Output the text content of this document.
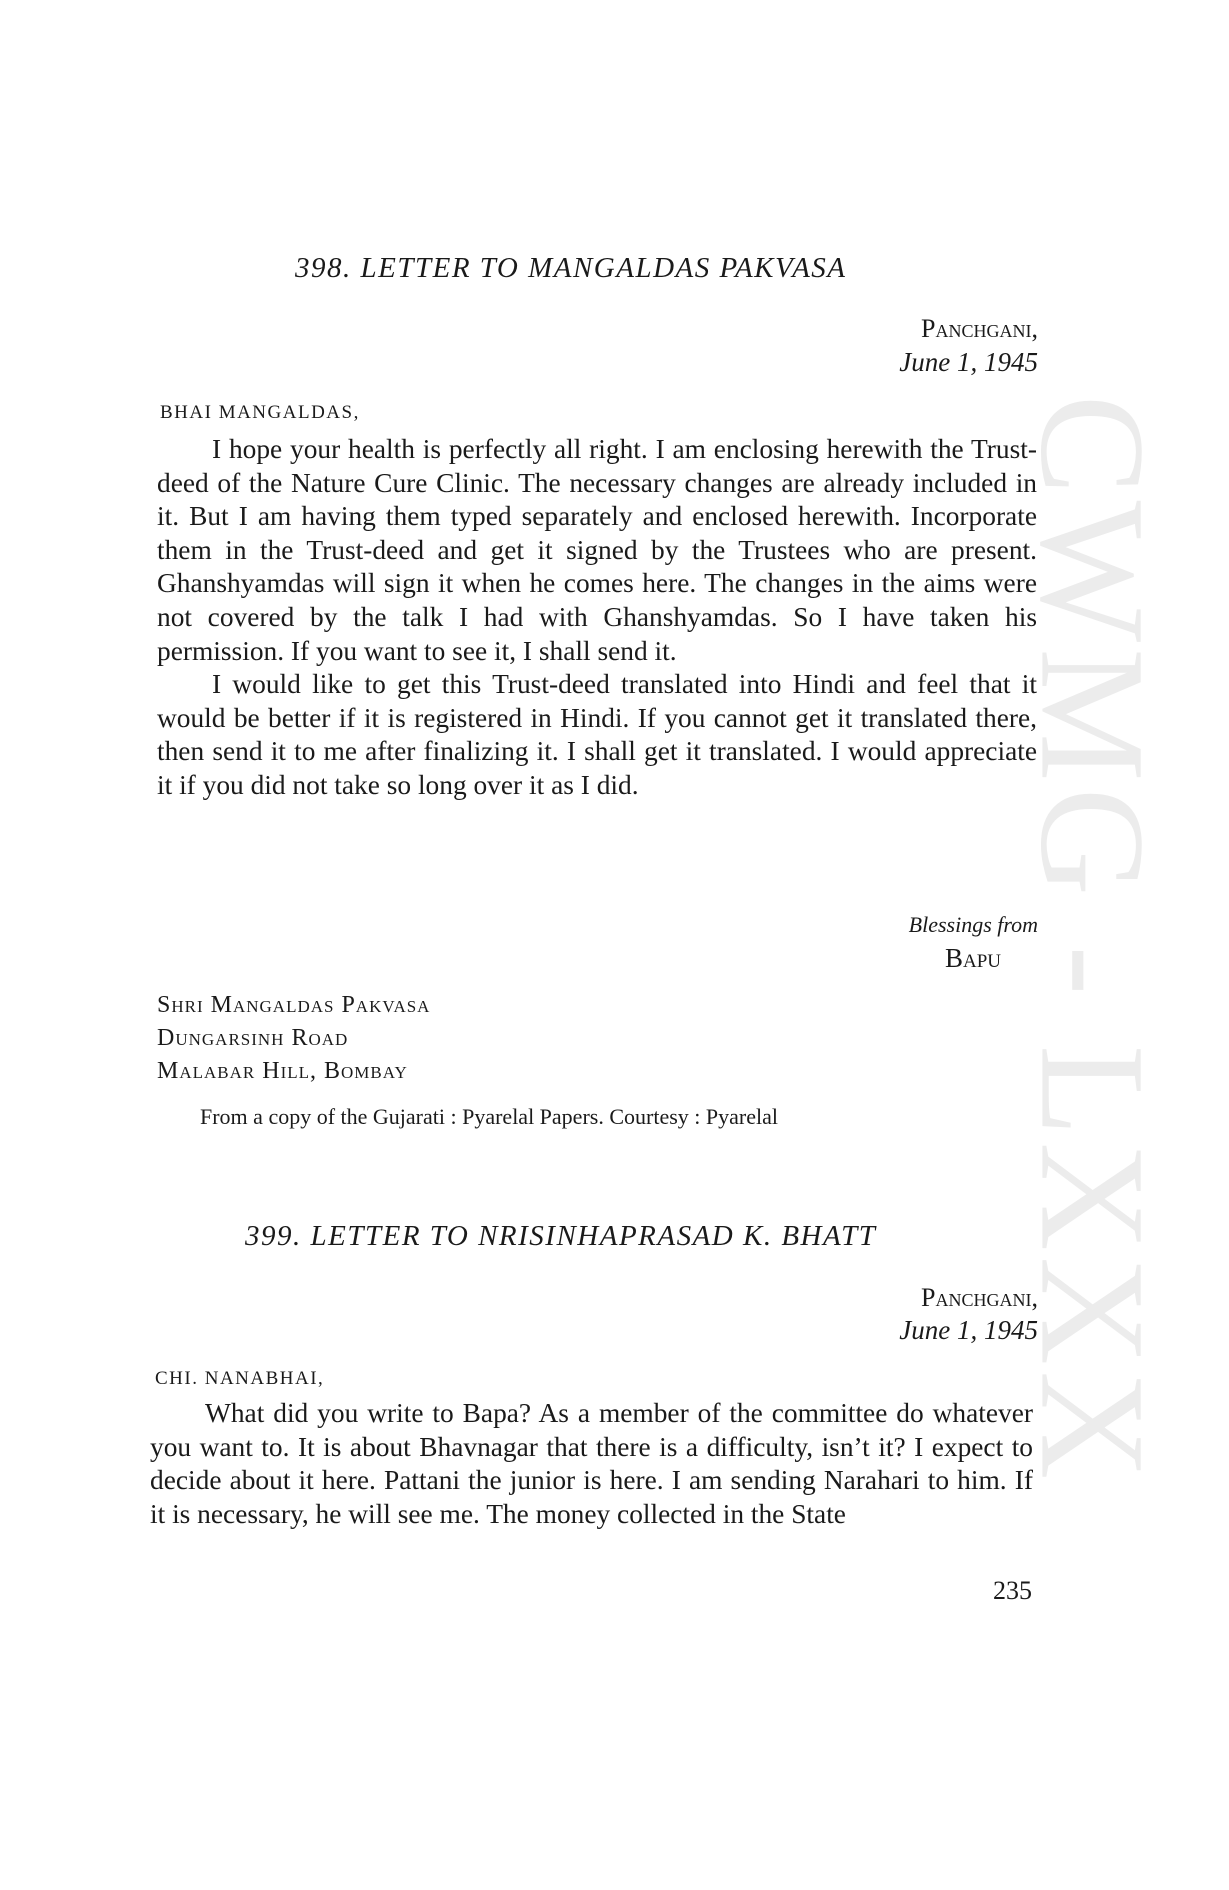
CWMG - LXXX
398. LETTER TO MANGALDAS PAKVASA
Panchgani,
June 1, 1945
BHAI MANGALDAS,

I hope your health is perfectly all right. I am enclosing herewith the Trust-deed of the Nature Cure Clinic. The necessary changes are already included in it. But I am having them typed separately and enclosed herewith. Incorporate them in the Trust-deed and get it signed by the Trustees who are present. Ghanshyamdas will sign it when he comes here. The changes in the aims were not covered by the talk I had with Ghanshyamdas. So I have taken his permission. If you want to see it, I shall send it.

I would like to get this Trust-deed translated into Hindi and feel that it would be better if it is registered in Hindi. If you cannot get it translated there, then send it to me after finalizing it. I shall get it translated. I would appreciate it if you did not take so long over it as I did.

Blessings from
Bapu
Shri Mangaldas Pakvasa
Dungarsinh Road
Malabar Hill, Bombay
From a copy of the Gujarati : Pyarelal Papers. Courtesy : Pyarelal
399. LETTER TO NRISINHAPRASAD K. BHATT
Panchgani,
June 1, 1945
CHI. NANABHAI,

What did you write to Bapa? As a member of the committee do whatever you want to. It is about Bhavnagar that there is a difficulty, isn’t it? I expect to decide about it here. Pattani the junior is here. I am sending Narahari to him. If it is necessary, he will see me. The money collected in the State

235
